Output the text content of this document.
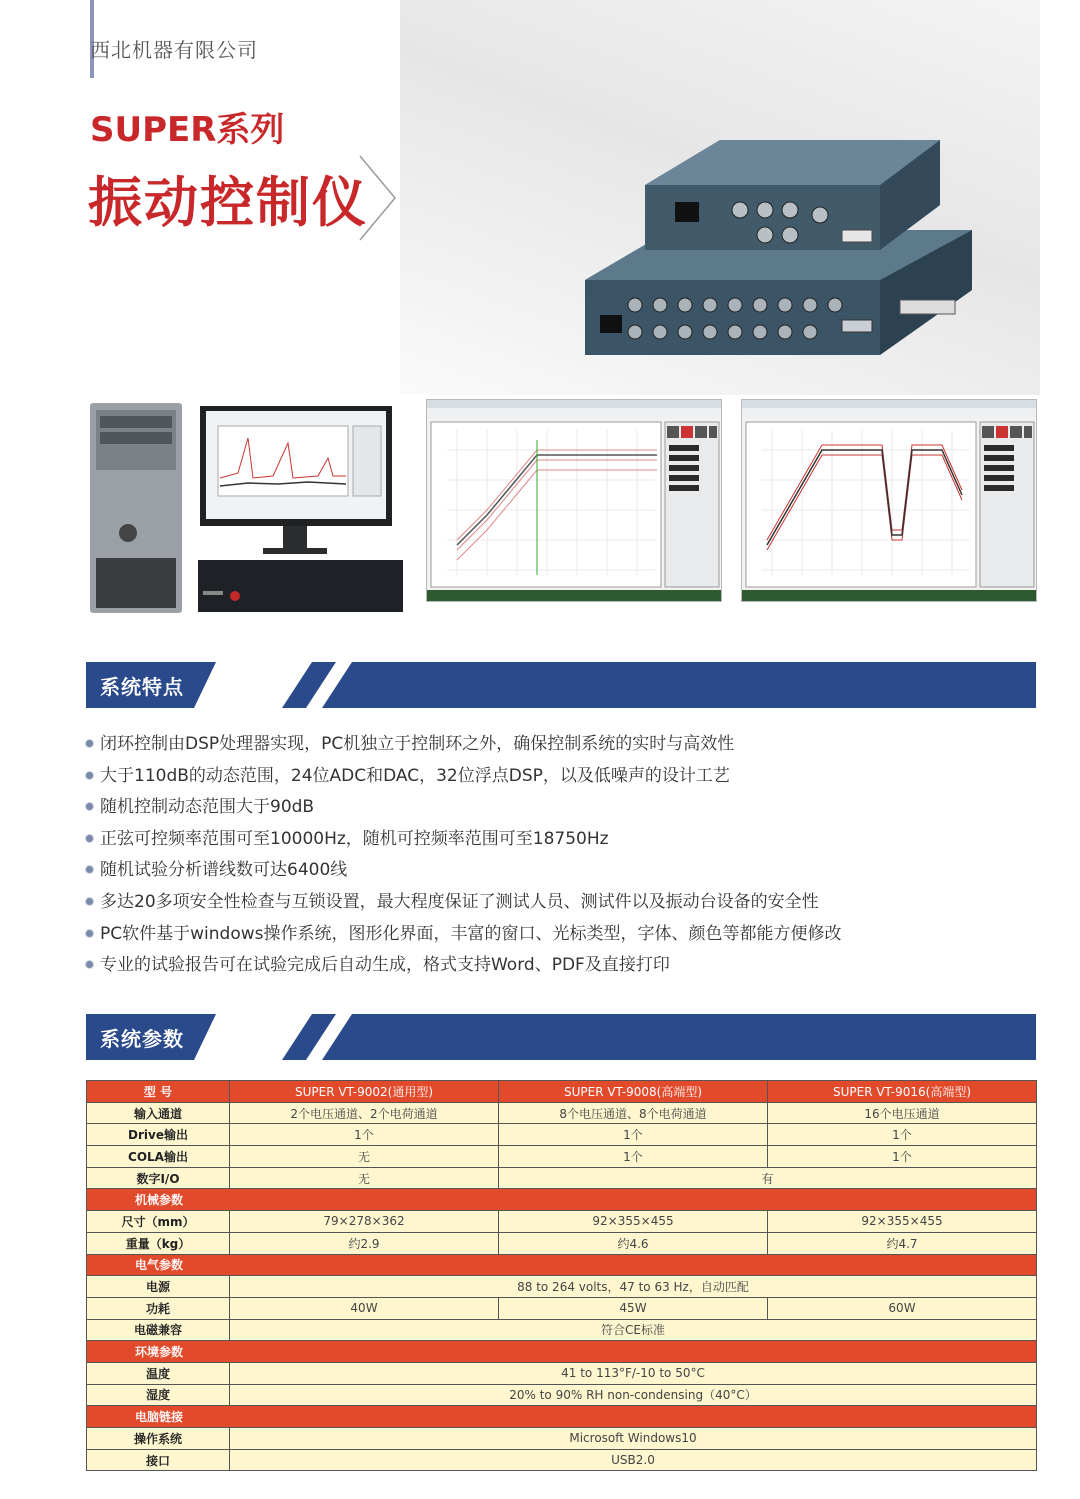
西北机器有限公司
SUPER系列
振动控制仪
系统特点
闭环控制由DSP处理器实现，PC机独立于控制环之外，确保控制系统的实时与高效性
大于110dB的动态范围，24位ADC和DAC，32位浮点DSP，以及低噪声的设计工艺
随机控制动态范围大于90dB
正弦可控频率范围可至10000Hz，随机可控频率范围可至18750Hz
随机试验分析谱线数可达6400线
多达20多项安全性检查与互锁设置，最大程度保证了测试人员、测试件以及振动台设备的安全性
PC软件基于windows操作系统，图形化界面，丰富的窗口、光标类型，字体、颜色等都能方便修改
专业的试验报告可在试验完成后自动生成，格式支持Word、PDF及直接打印
系统参数
型 号	SUPER VT-9002(通用型)	SUPER VT-9008(高端型)	SUPER VT-9016(高端型)
输入通道	2个电压通道、2个电荷通道	8个电压通道、8个电荷通道	16个电压通道
Drive输出	1个	1个	1个
COLA输出	无	1个	1个
数字I/O	无	有	
机械参数			
尺寸（mm）	79×278×362	92×355×455	92×355×455
重量（kg）	约2.9	约4.6	约4.7
电气参数			
电源	88 to 264 volts，47 to 63 Hz，自动匹配		
功耗	40W	45W	60W
电磁兼容	符合CE标准		
环境参数			
温度	41 to 113°F/-10 to 50°C		
湿度	20% to 90% RH non-condensing（40°C）		
电脑链接			
操作系统	Microsoft Windows10		
接口	USB2.0		
